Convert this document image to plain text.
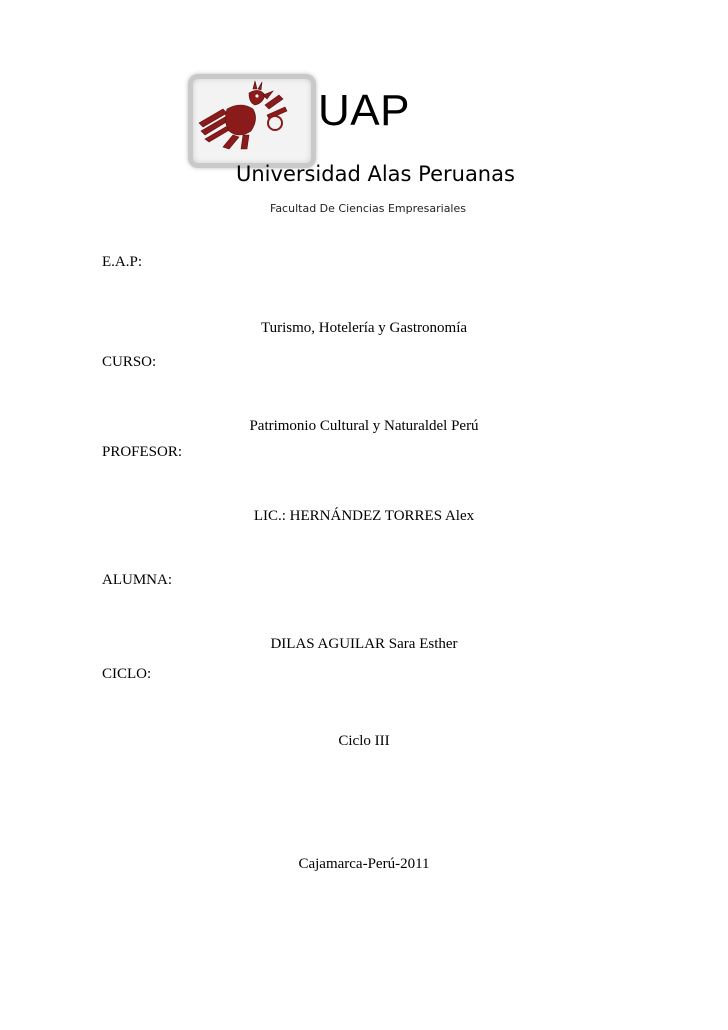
UAP
Universidad Alas Peruanas
Facultad De Ciencias Empresariales
E.A.P:
Turismo, Hotelería y Gastronomía
CURSO:
Patrimonio Cultural y Naturaldel Perú
PROFESOR:
LIC.: HERNÁNDEZ TORRES Alex
ALUMNA:
DILAS AGUILAR Sara Esther
CICLO:
Ciclo III
Cajamarca-Perú-2011
